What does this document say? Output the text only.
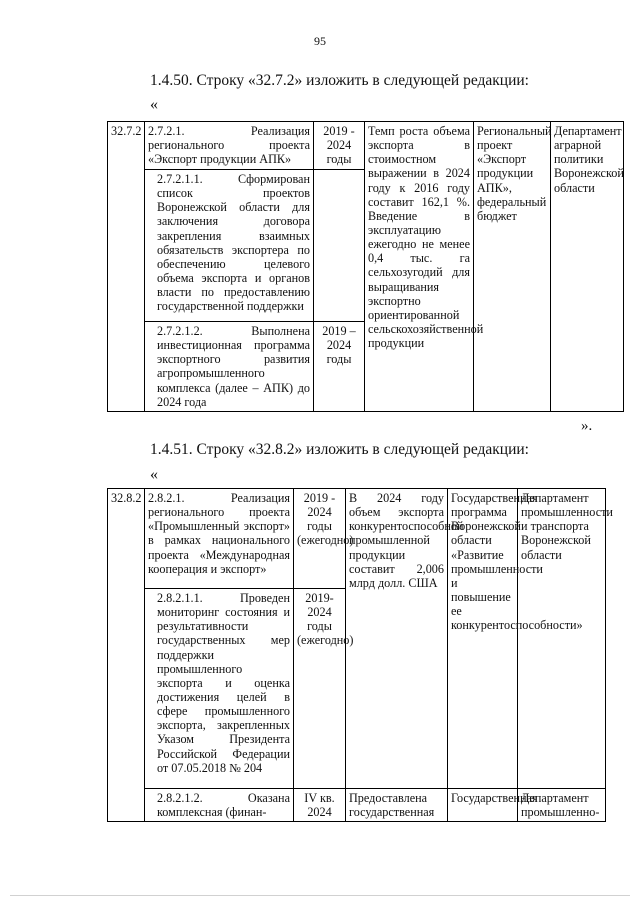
95
1.4.50. Строку «32.7.2» изложить в следующей редакции:
«
32.7.2	2.7.2.1. Реализация регионального проекта «Экспорт продукции АПК»	2019 - 2024 годы	Темп роста объема экспорта в стоимостном выражении в 2024 году к 2016 году составит 162,1 %. Введение в эксплуатацию ежегодно не менее 0,4 тыс. га сельхозугодий для выращивания экспортно ориентированной сельскохозяйственной продукции	Региональный проект «Экспорт продукции АПК», федеральный бюджет	Департамент аграрной политики Воронежской области
	2.7.2.1.1. Сформирован список проектов Воронежской области для заключения договора закрепления взаимных обязательств экспортера по обеспечению целевого объема экспорта и органов власти по предоставлению государственной поддержки				
	2.7.2.1.2. Выполнена инвестиционная программа экспортного развития агропромышленного комплекса (далее – АПК) до 2024 года	2019 – 2024 годы			
».
1.4.51. Строку «32.8.2» изложить в следующей редакции:
«
32.8.2	2.8.2.1. Реализация регионального проекта «Промышленный экспорт» в рамках национального проекта «Международная кооперация и экспорт»	2019 - 2024 годы (ежегодно)	В 2024 году объем экспорта конкурентоспособной промышленной продукции составит 2,006 млрд долл. США	Государственная программа Воронежской области «Развитие промышленности и повышение ее конкурентоспособности»	Департамент промышленности и транспорта Воронежской области
	2.8.2.1.1. Проведен мониторинг состояния и результативности государственных мер поддержки промышленного экспорта и оценка достижения целей в сфере промышленного экспорта, закрепленных Указом Президента Российской Федерации от 07.05.2018 № 204	2019- 2024 годы (ежегодно)			
	2.8.2.1.2. Оказана комплексная (финан-	IV кв. 2024	Предоставлена государственная	Государственная	Департамент промышленно-
